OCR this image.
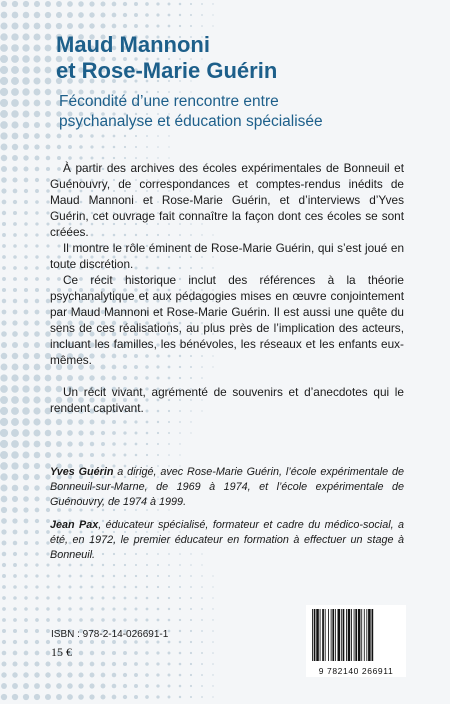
Maud Mannoni
et Rose-Marie Guérin
Fécondité d’une rencontre entre
psychanalyse et éducation spécialisée

À partir des archives des écoles expérimentales de Bonneuil et Guénouvry, de correspondances et comptes-rendus inédits de Maud Mannoni et Rose-Marie Guérin, et d’interviews d’Yves Guérin, cet ouvrage fait connaître la façon dont ces écoles se sont créées.

Il montre le rôle éminent de Rose-Marie Guérin, qui s’est joué en toute discrétion.

Ce récit historique inclut des références à la théorie psychanalytique et aux pédagogies mises en œuvre conjointement par Maud Mannoni et Rose-Marie Guérin. Il est aussi une quête du sens de ces réalisations, au plus près de l’implication des acteurs, incluant les familles, les bénévoles, les réseaux et les enfants eux-mêmes.

Un récit vivant, agrémenté de souvenirs et d’anecdotes qui le rendent captivant.

Yves Guérin a dirigé, avec Rose-Marie Guérin, l’école expérimentale de Bonneuil-sur-Marne, de 1969 à 1974, et l’école expérimentale de Guénouvry, de 1974 à 1999.
Jean Pax, éducateur spécialisé, formateur et cadre du médico-social, a été, en 1972, le premier éducateur en formation à effectuer un stage à Bonneuil.
ISBN : 978-2-14-026691-1
15 €
9 782140 266911
